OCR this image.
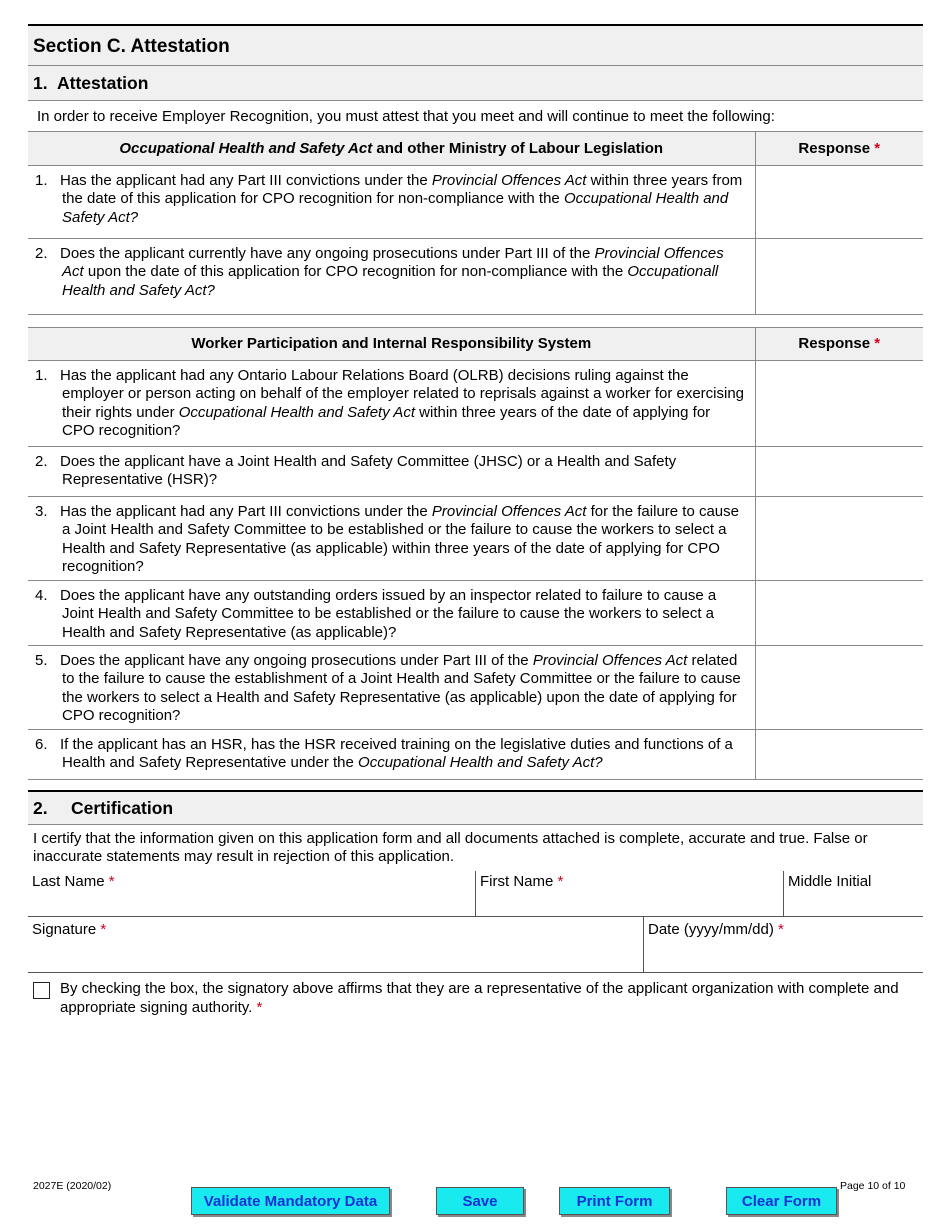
Section C. Attestation
1. Attestation
In order to receive Employer Recognition, you must attest that you meet and will continue to meet the following:
Occupational Health and Safety Act and other Ministry of Labour Legislation	Response *

1. Has the applicant had any Part III convictions under the Provincial Offences Act within three years from the date of this application for CPO recognition for non-compliance with the Occupational Health and Safety Act?	

2. Does the applicant currently have any ongoing prosecutions under Part III of the Provincial Offences Act upon the date of this application for CPO recognition for non-compliance with the Occupationall Health and Safety Act?	

Worker Participation and Internal Responsibility System	Response *

1. Has the applicant had any Ontario Labour Relations Board (OLRB) decisions ruling against the employer or person acting on behalf of the employer related to reprisals against a worker for exercising their rights under Occupational Health and Safety Act within three years of the date of applying for CPO recognition?	

2. Does the applicant have a Joint Health and Safety Committee (JHSC) or a Health and Safety Representative (HSR)?	

3. Has the applicant had any Part III convictions under the Provincial Offences Act for the failure to cause a Joint Health and Safety Committee to be established or the failure to cause the workers to select a Health and Safety Representative (as applicable) within three years of the date of applying for CPO recognition?	

4. Does the applicant have any outstanding orders issued by an inspector related to failure to cause a Joint Health and Safety Committee to be established or the failure to cause the workers to select a Health and Safety Representative (as applicable)?	

5. Does the applicant have any ongoing prosecutions under Part III of the Provincial Offences Act related to the failure to cause the establishment of a Joint Health and Safety Committee or the failure to cause the workers to select a Health and Safety Representative (as applicable) upon the date of applying for CPO recognition?	

6. If the applicant has an HSR, has the HSR received training on the legislative duties and functions of a Health and Safety Representative under the Occupational Health and Safety Act?	

2. Certification
I certify that the information given on this application form and all documents attached is complete, accurate and true. False or inaccurate statements may result in rejection of this application.
Last Name *	First Name *	Middle Initial
Signature *	Date (yyyy/mm/dd) *
By checking the box, the signatory above affirms that they are a representative of the applicant organization with complete and appropriate signing authority. *
2027E (2020/02)	Page 10 of 10
Validate Mandatory Data	Save	Print Form	Clear Form
